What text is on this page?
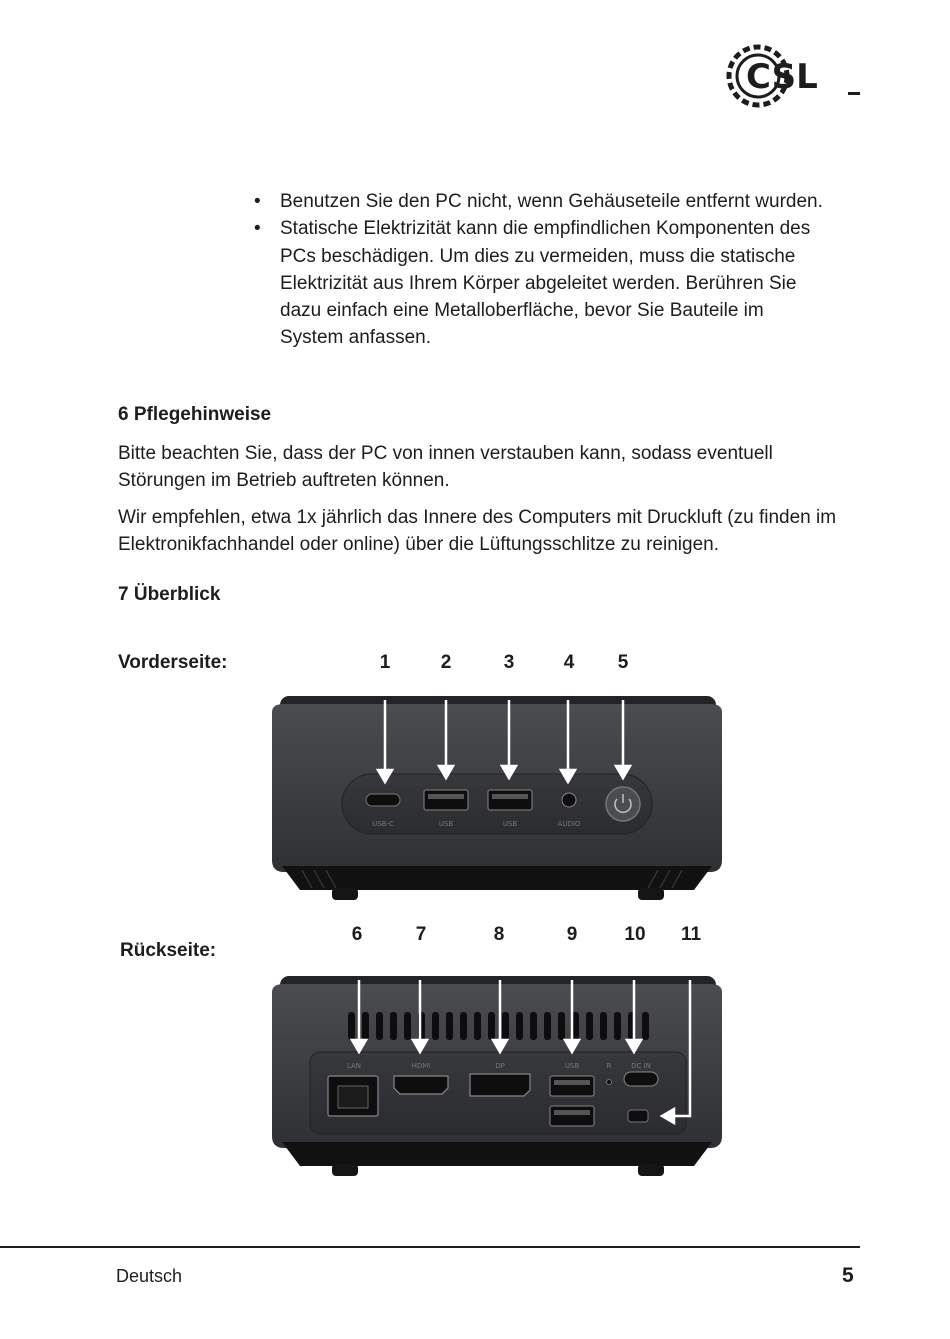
CSL
• Benutzen Sie den PC nicht, wenn Gehäuseteile entfernt wurden.
• Statische Elektrizität kann die empfindlichen Komponenten des PCs beschädigen. Um dies zu vermeiden, muss die statische Elektrizität aus Ihrem Körper abgeleitet werden. Berühren Sie dazu einfach eine Metalloberfläche, bevor Sie Bauteile im System anfassen.
6 Pflegehinweise

Bitte beachten Sie, dass der PC von innen verstauben kann, sodass eventuell Störungen im Betrieb auftreten können.

Wir empfehlen, etwa 1x jährlich das Innere des Computers mit Druckluft (zu finden im Elektronikfachhandel oder online) über die Lüftungsschlitze zu reinigen.

7 Überblick
Vorderseite:	1	2	3	4	5
USB-C	USB	USB	AUDIO
Rückseite:
6	7	8	9	10 11
LAN	HDMI	DP	USB	R	DC IN
Deutsch	5
